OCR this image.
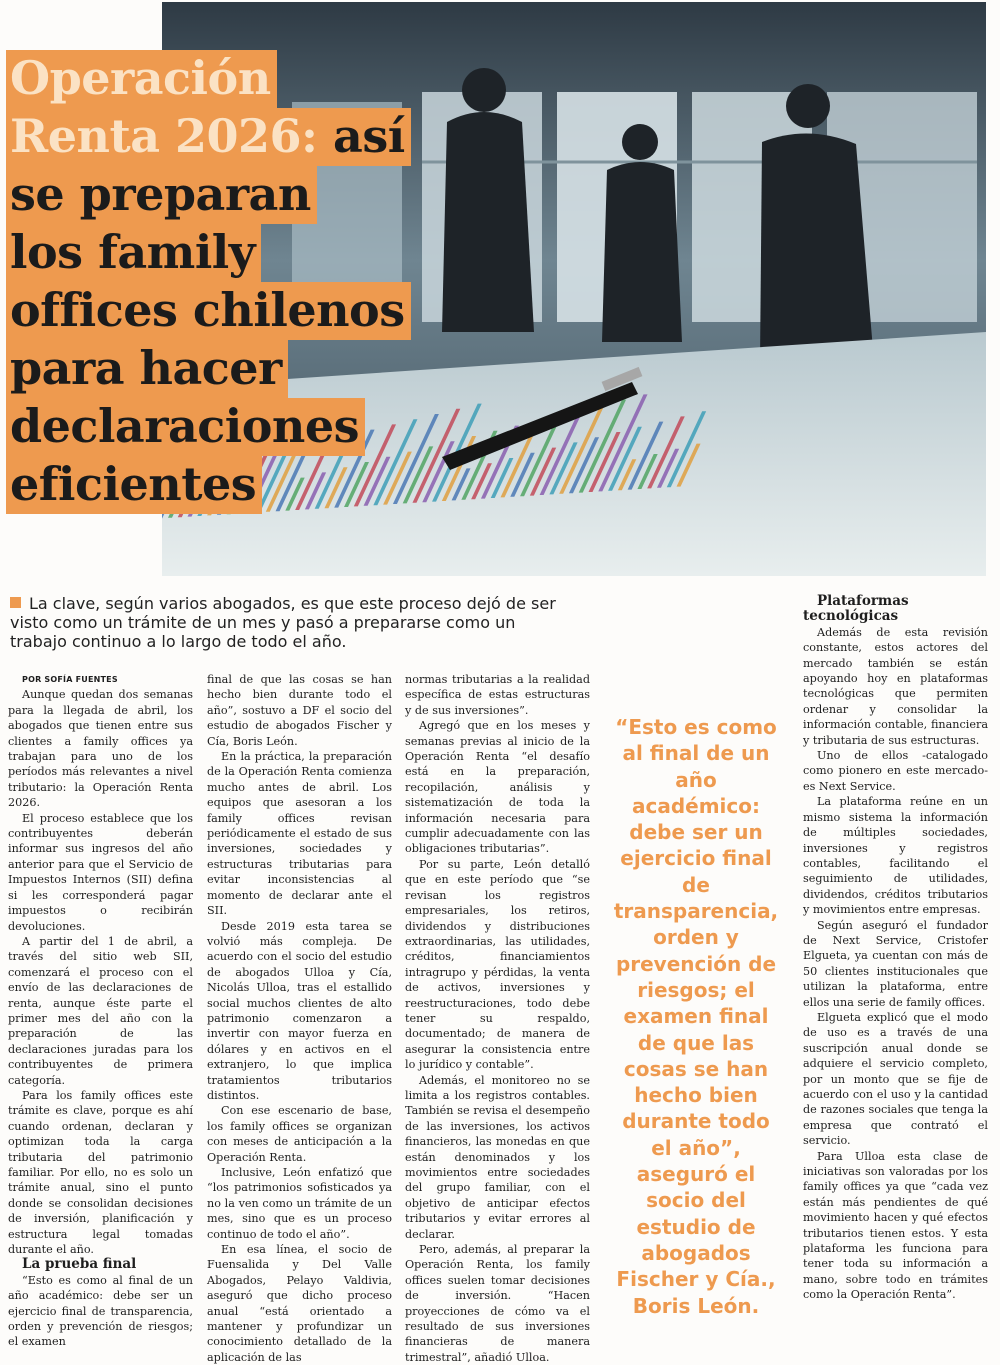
Operación
Renta 2026: así
se preparan
los family
offices chilenos
para hacer
declaraciones
eficientes
La clave, según varios abogados, es que este proceso dejó de ser visto como un trámite de un mes y pasó a prepararse como un trabajo continuo a lo largo de todo el año.

POR SOFÍA FUENTES

Aunque quedan dos semanas para la llegada de abril, los abogados que tienen entre sus clientes a family offices ya trabajan para uno de los períodos más relevantes a nivel tributario: la Operación Renta 2026.

El proceso establece que los contribuyentes deberán informar sus ingresos del año anterior para que el Servicio de Impuestos Internos (SII) defina si les corresponderá pagar impuestos o recibirán devoluciones.

A partir del 1 de abril, a través del sitio web SII, comenzará el proceso con el envío de las declaraciones de renta, aunque éste parte el primer mes del año con la preparación de las declaraciones juradas para los contribuyentes de primera categoría.

Para los family offices este trámite es clave, porque es ahí cuando ordenan, declaran y optimizan toda la carga tributaria del patrimonio familiar. Por ello, no es solo un trámite anual, sino el punto donde se consolidan decisiones de inversión, planificación y estructura legal tomadas durante el año.

La prueba final

“Esto es como al final de un año académico: debe ser un ejercicio final de transparencia, orden y prevención de riesgos; el examen

final de que las cosas se han hecho bien durante todo el año”, sostuvo a DF el socio del estudio de abogados Fischer y Cía, Boris León.

En la práctica, la preparación de la Operación Renta comienza mucho antes de abril. Los equipos que asesoran a los family offices revisan periódicamente el estado de sus inversiones, sociedades y estructuras tributarias para evitar inconsistencias al momento de declarar ante el SII.

Desde 2019 esta tarea se volvió más compleja. De acuerdo con el socio del estudio de abogados Ulloa y Cía, Nicolás Ulloa, tras el estallido social muchos clientes de alto patrimonio comenzaron a invertir con mayor fuerza en dólares y en activos en el extranjero, lo que implica tratamientos tributarios distintos.

Con ese escenario de base, los family offices se organizan con meses de anticipación a la Operación Renta.

Inclusive, León enfatizó que “los patrimonios sofisticados ya no la ven como un trámite de un mes, sino que es un proceso continuo de todo el año”.

En esa línea, el socio de Fuensalida y Del Valle Abogados, Pelayo Valdivia, aseguró que dicho proceso anual “está orientado a mantener y profundizar un conocimiento detallado de la aplicación de las

normas tributarias a la realidad específica de estas estructuras y de sus inversiones”.

Agregó que en los meses y semanas previas al inicio de la Operación Renta “el desafío está en la preparación, recopilación, análisis y sistematización de toda la información necesaria para cumplir adecuadamente con las obligaciones tributarias”.

Por su parte, León detalló que en este período que “se revisan los registros empresariales, los retiros, dividendos y distribuciones extraordinarias, las utilidades, créditos, financiamientos intragrupo y pérdidas, la venta de activos, inversiones y reestructuraciones, todo debe tener su respaldo, documentado; de manera de asegurar la consistencia entre lo jurídico y contable”.

Además, el monitoreo no se limita a los registros contables. También se revisa el desempeño de las inversiones, los activos financieros, las monedas en que están denominados y los movimientos entre sociedades del grupo familiar, con el objetivo de anticipar efectos tributarios y evitar errores al declarar.

Pero, además, al preparar la Operación Renta, los family offices suelen tomar decisiones de inversión. “Hacen proyecciones de cómo va el resultado de sus inversiones financieras de manera trimestral”, añadió Ulloa.

“Esto es como al final de un año académico: debe ser un ejercicio final de transparencia, orden y prevención de riesgos; el examen final de que las cosas se han hecho bien durante todo el año”, aseguró el socio del estudio de abogados Fischer y Cía., Boris León.

Plataformas tecnológicas

Además de esta revisión constante, estos actores del mercado también se están apoyando hoy en plataformas tecnológicas que permiten ordenar y consolidar la información contable, financiera y tributaria de sus estructuras.

Uno de ellos -catalogado como pionero en este mercado- es Next Service.

La plataforma reúne en un mismo sistema la información de múltiples sociedades, inversiones y registros contables, facilitando el seguimiento de utilidades, dividendos, créditos tributarios y movimientos entre empresas.

Según aseguró el fundador de Next Service, Cristofer Elgueta, ya cuentan con más de 50 clientes institucionales que utilizan la plataforma, entre ellos una serie de family offices.

Elgueta explicó que el modo de uso es a través de una suscripción anual donde se adquiere el servicio completo, por un monto que se fije de acuerdo con el uso y la cantidad de razones sociales que tenga la empresa que contrató el servicio.

Para Ulloa esta clase de iniciativas son valoradas por los family offices ya que “cada vez están más pendientes de qué movimiento hacen y qué efectos tributarios tienen estos. Y esta plataforma les funciona para tener toda su información a mano, sobre todo en trámites como la Operación Renta”.
